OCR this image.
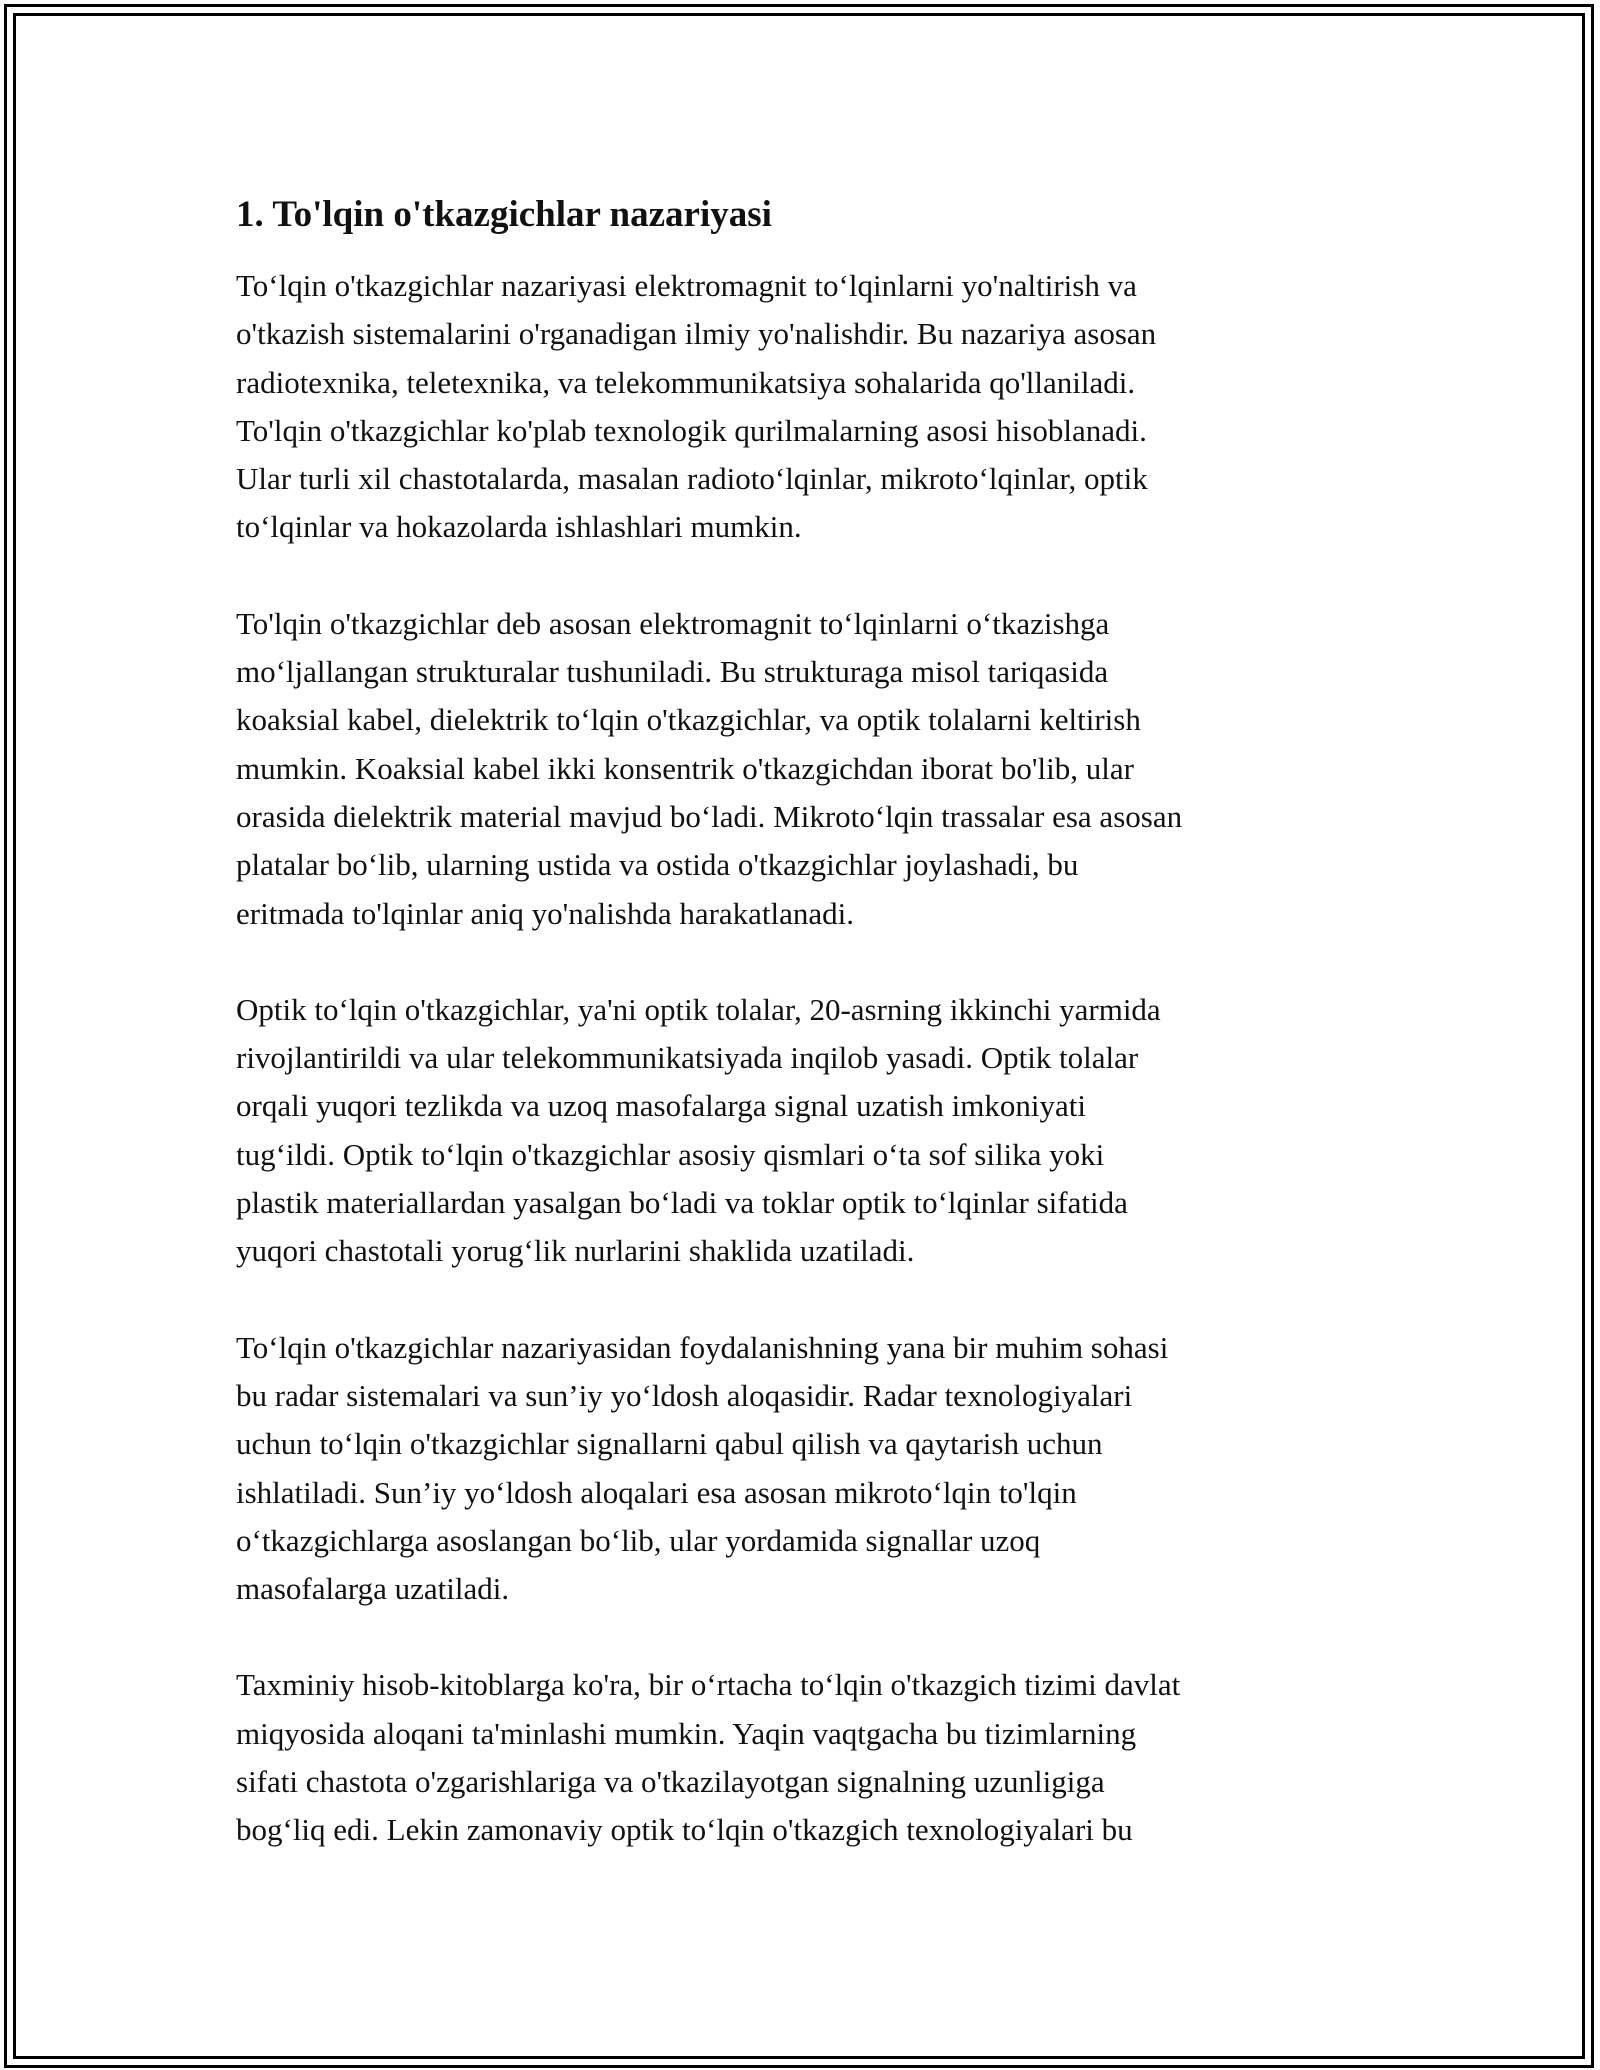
1. To'lqin o'tkazgichlar nazariyasi
To‘lqin o'tkazgichlar nazariyasi elektromagnit to‘lqinlarni yo'naltirish va
o'tkazish sistemalarini o'rganadigan ilmiy yo'nalishdir. Bu nazariya asosan
radiotexnika, teletexnika, va telekommunikatsiya sohalarida qo'llaniladi.
To'lqin o'tkazgichlar ko'plab texnologik qurilmalarning asosi hisoblanadi.
Ular turli xil chastotalarda, masalan radioto‘lqinlar, mikroto‘lqinlar, optik
to‘lqinlar va hokazolarda ishlashlari mumkin.
To'lqin o'tkazgichlar deb asosan elektromagnit to‘lqinlarni o‘tkazishga
mo‘ljallangan strukturalar tushuniladi. Bu strukturaga misol tariqasida
koaksial kabel, dielektrik to‘lqin o'tkazgichlar, va optik tolalarni keltirish
mumkin. Koaksial kabel ikki konsentrik o'tkazgichdan iborat bo'lib, ular
orasida dielektrik material mavjud bo‘ladi. Mikroto‘lqin trassalar esa asosan
platalar bo‘lib, ularning ustida va ostida o'tkazgichlar joylashadi, bu
eritmada to'lqinlar aniq yo'nalishda harakatlanadi.
Optik to‘lqin o'tkazgichlar, ya'ni optik tolalar, 20-asrning ikkinchi yarmida
rivojlantirildi va ular telekommunikatsiyada inqilob yasadi. Optik tolalar
orqali yuqori tezlikda va uzoq masofalarga signal uzatish imkoniyati
tug‘ildi. Optik to‘lqin o'tkazgichlar asosiy qismlari o‘ta sof silika yoki
plastik materiallardan yasalgan bo‘ladi va toklar optik to‘lqinlar sifatida
yuqori chastotali yorug‘lik nurlarini shaklida uzatiladi.
To‘lqin o'tkazgichlar nazariyasidan foydalanishning yana bir muhim sohasi
bu radar sistemalari va sun’iy yo‘ldosh aloqasidir. Radar texnologiyalari
uchun to‘lqin o'tkazgichlar signallarni qabul qilish va qaytarish uchun
ishlatiladi. Sun’iy yo‘ldosh aloqalari esa asosan mikroto‘lqin to'lqin
o‘tkazgichlarga asoslangan bo‘lib, ular yordamida signallar uzoq
masofalarga uzatiladi.
Taxminiy hisob-kitoblarga ko'ra, bir o‘rtacha to‘lqin o'tkazgich tizimi davlat
miqyosida aloqani ta'minlashi mumkin. Yaqin vaqtgacha bu tizimlarning
sifati chastota o'zgarishlariga va o'tkazilayotgan signalning uzunligiga
bog‘liq edi. Lekin zamonaviy optik to‘lqin o'tkazgich texnologiyalari bu
